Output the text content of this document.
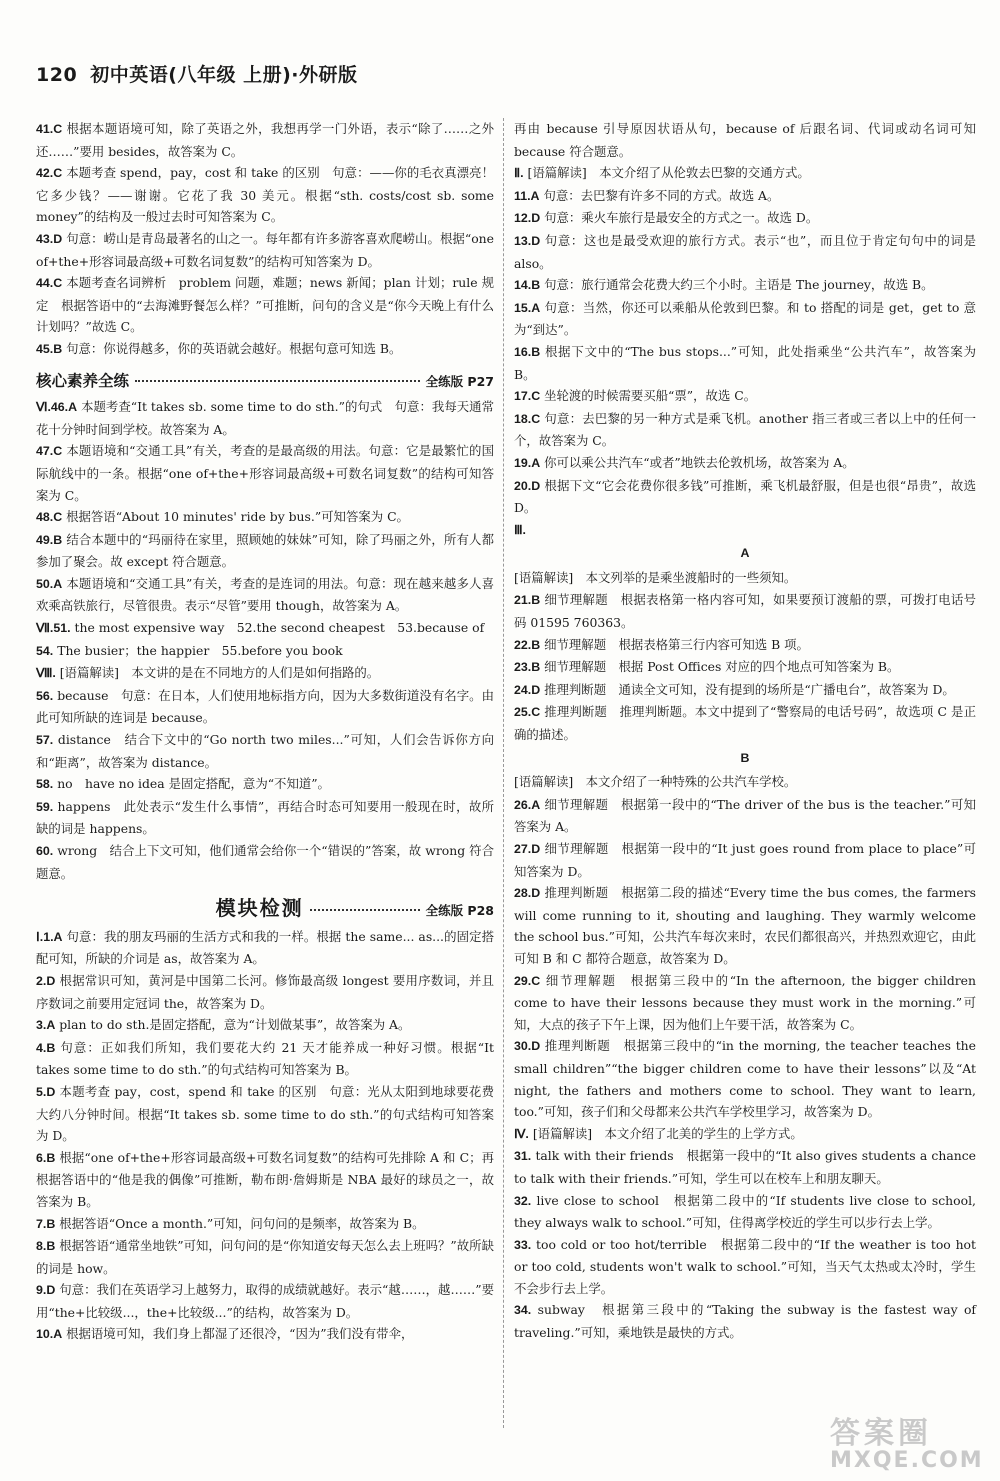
120 初中英语(八年级 上册)·外研版

41.C 根据本题语境可知，除了英语之外，我想再学一门外语，表示“除了……之外还……”要用 besides，故答案为 C。

42.C 本题考查 spend，pay，cost 和 take 的区别　句意：——你的毛衣真漂亮！它多少钱？——谢谢。它花了我 30 美元。根据“sth. costs/cost sb. some money”的结构及一般过去时可知答案为 C。

43.D 句意：崂山是青岛最著名的山之一。每年都有许多游客喜欢爬崂山。根据“one of+the+形容词最高级+可数名词复数”的结构可知答案为 D。

44.C 本题考查名词辨析　problem 问题，难题；news 新闻；plan 计划；rule 规定　根据答语中的“去海滩野餐怎么样？”可推断，问句的含义是“你今天晚上有什么计划吗？”故选 C。

45.B 句意：你说得越多，你的英语就会越好。根据句意可知选 B。

核心素养全练	全练版 P27

Ⅵ.46.A 本题考查“It takes sb. some time to do sth.”的句式　句意：我每天通常花十分钟时间到学校。故答案为 A。

47.C 本题语境和“交通工具”有关，考查的是最高级的用法。句意：它是最繁忙的国际航线中的一条。根据“one of+the+形容词最高级+可数名词复数”的结构可知答案为 C。

48.C 根据答语“About 10 minutes' ride by bus.”可知答案为 C。

49.B 结合本题中的“玛丽待在家里，照顾她的妹妹”可知，除了玛丽之外，所有人都参加了聚会。故 except 符合题意。

50.A 本题语境和“交通工具”有关，考查的是连词的用法。句意：现在越来越多人喜欢乘高铁旅行，尽管很贵。表示“尽管”要用 though，故答案为 A。

Ⅶ.51. the most expensive way　52.the second cheapest　53.because of

54. The busier；the happier　55.before you book

Ⅷ. [语篇解读]　本文讲的是在不同地方的人们是如何指路的。

56. because　句意：在日本，人们使用地标指方向，因为大多数街道没有名字。由此可知所缺的连词是 because。

57. distance　结合下文中的“Go north two miles...”可知，人们会告诉你方向和“距离”，故答案为 distance。

58. no　have no idea 是固定搭配，意为“不知道”。

59. happens　此处表示“发生什么事情”，再结合时态可知要用一般现在时，故所缺的词是 happens。

60. wrong　结合上下文可知，他们通常会给你一个“错误的”答案，故 wrong 符合题意。

模块检测	全练版 P28

Ⅰ.1.A 句意：我的朋友玛丽的生活方式和我的一样。根据 the same... as...的固定搭配可知，所缺的介词是 as，故答案为 A。

2.D 根据常识可知，黄河是中国第二长河。修饰最高级 longest 要用序数词，并且序数词之前要用定冠词 the，故答案为 D。

3.A plan to do sth.是固定搭配，意为“计划做某事”，故答案为 A。

4.B 句意：正如我们所知，我们要花大约 21 天才能养成一种好习惯。根据“It takes some time to do sth.”的句式结构可知答案为 B。

5.D 本题考查 pay，cost，spend 和 take 的区别　句意：光从太阳到地球要花费大约八分钟时间。根据“It takes sb. some time to do sth.”的句式结构可知答案为 D。

6.B 根据“one of+the+形容词最高级+可数名词复数”的结构可先排除 A 和 C；再根据答语中的“他是我的偶像”可推断，勒布朗·詹姆斯是 NBA 最好的球员之一，故答案为 B。

7.B 根据答语“Once a month.”可知，问句问的是频率，故答案为 B。

8.B 根据答语“通常坐地铁”可知，问句问的是“你知道安每天怎么去上班吗？”故所缺的词是 how。

9.D 句意：我们在英语学习上越努力，取得的成绩就越好。表示“越……，越……”要用“the+比较级...，the+比较级...”的结构，故答案为 D。

10.A 根据语境可知，我们身上都湿了还很冷，“因为”我们没有带伞，

再由 because 引导原因状语从句，because of 后跟名词、代词或动名词可知 because 符合题意。

Ⅱ. [语篇解读]　本文介绍了从伦敦去巴黎的交通方式。

11.A 句意：去巴黎有许多不同的方式。故选 A。

12.D 句意：乘火车旅行是最安全的方式之一。故选 D。

13.D 句意：这也是最受欢迎的旅行方式。表示“也”，而且位于肯定句句中的词是 also。

14.B 句意：旅行通常会花费大约三个小时。主语是 The journey，故选 B。

15.A 句意：当然，你还可以乘船从伦敦到巴黎。和 to 搭配的词是 get，get to 意为“到达”。

16.B 根据下文中的“The bus stops...”可知，此处指乘坐“公共汽车”，故答案为 B。

17.C 坐轮渡的时候需要买船“票”，故选 C。

18.C 句意：去巴黎的另一种方式是乘飞机。another 指三者或三者以上中的任何一个，故答案为 C。

19.A 你可以乘公共汽车“或者”地铁去伦敦机场，故答案为 A。

20.D 根据下文“它会花费你很多钱”可推断，乘飞机最舒服，但是也很“昂贵”，故选 D。

Ⅲ.

A

[语篇解读]　本文列举的是乘坐渡船时的一些须知。

21.B 细节理解题　根据表格第一格内容可知，如果要预订渡船的票，可拨打电话号码 01595 760363。

22.B 细节理解题　根据表格第三行内容可知选 B 项。

23.B 细节理解题　根据 Post Offices 对应的四个地点可知答案为 B。

24.D 推理判断题　通读全文可知，没有提到的场所是“广播电台”，故答案为 D。

25.C 推理判断题　推理判断题。本文中提到了“警察局的电话号码”，故选项 C 是正确的描述。

B

[语篇解读]　本文介绍了一种特殊的公共汽车学校。

26.A 细节理解题　根据第一段中的“The driver of the bus is the teacher.”可知答案为 A。

27.D 细节理解题　根据第一段中的“It just goes round from place to place”可知答案为 D。

28.D 推理判断题　根据第二段的描述“Every time the bus comes, the farmers will come running to it, shouting and laughing. They warmly welcome the school bus.”可知，公共汽车每次来时，农民们都很高兴，并热烈欢迎它，由此可知 B 和 C 都符合题意，故答案为 D。

29.C 细节理解题　根据第三段中的“In the afternoon, the bigger children come to have their lessons because they must work in the morning.”可知，大点的孩子下午上课，因为他们上午要干活，故答案为 C。

30.D 推理判断题　根据第三段中的“in the morning, the teacher teaches the small children”“the bigger children come to have their lessons”以及“At night, the fathers and mothers come to school. They want to learn, too.”可知，孩子们和父母都来公共汽车学校里学习，故答案为 D。

Ⅳ. [语篇解读]　本文介绍了北美的学生的上学方式。

31. talk with their friends　根据第一段中的“It also gives students a chance to talk with their friends.”可知，学生可以在校车上和朋友聊天。

32. live close to school　根据第二段中的“If students live close to school, they always walk to school.”可知，住得离学校近的学生可以步行去上学。

33. too cold or too hot/terrible　根据第二段中的“If the weather is too hot or too cold, students won't walk to school.”可知，当天气太热或太冷时，学生不会步行去上学。

34. subway　根据第三段中的“Taking the subway is the fastest way of traveling.”可知，乘地铁是最快的方式。

答案圈
MXQE.COM
